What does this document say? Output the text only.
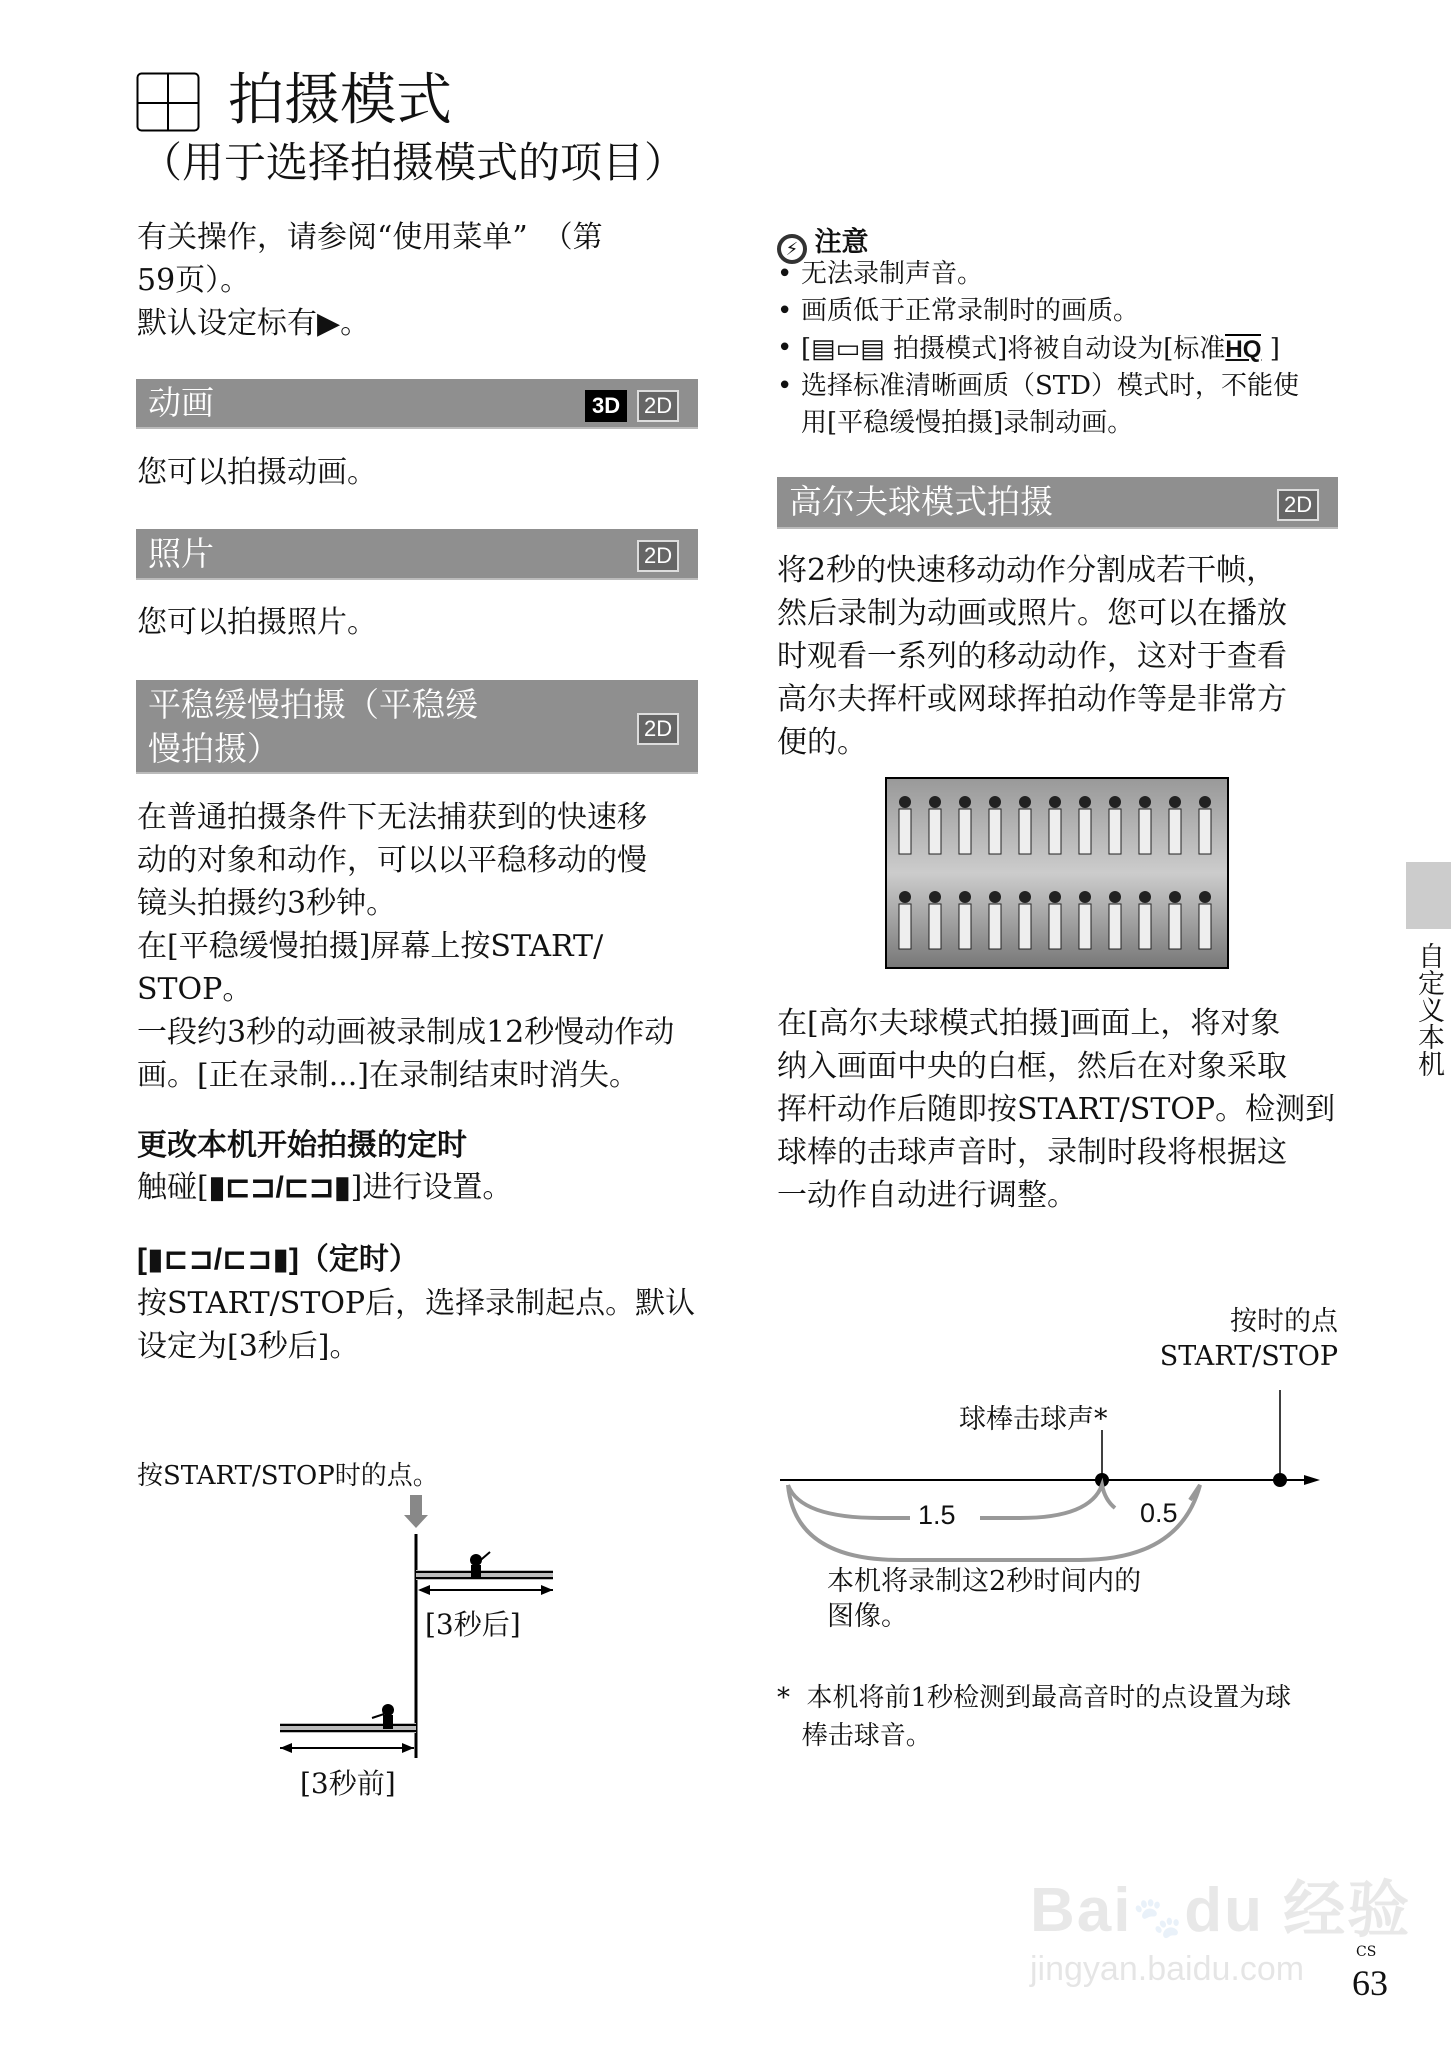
拍摄模式
（用于选择拍摄模式的项目）
有关操作，请参阅“使用菜单”　（第
59页）。
默认设定标有▶。
动画	3D	2D
您可以拍摄动画。
照片	2D
您可以拍摄照片。
平稳缓慢拍摄（平稳缓
慢拍摄）
2D
在普通拍摄条件下无法捕获到的快速移
动的对象和动作，可以以平稳移动的慢
镜头拍摄约3秒钟。
在[平稳缓慢拍摄]屏幕上按START/
STOP。
一段约3秒的动画被录制成12秒慢动作动
画。[正在录制...]在录制结束时消失。
更改本机开始拍摄的定时
触碰[▮⊏⊐/⊏⊐▮]进行设置。
[▮⊏⊐/⊏⊐▮]（定时）
按START/STOP后，选择录制起点。默认
设定为[3秒后]。
按START/STOP时的点。
[3秒后]
[3秒前]
⚡ 注意
• 无法录制声音。
• 画质低于正常录制时的画质。
• [▤▭▤ 拍摄模式]将被自动设为[标准HQ ]
• 选择标准清晰画质（STD）模式时，不能使
用[平稳缓慢拍摄]录制动画。
高尔夫球模式拍摄	2D
将2秒的快速移动动作分割成若干帧，
然后录制为动画或照片。您可以在播放
时观看一系列的移动动作，这对于查看
高尔夫挥杆或网球挥拍动作等是非常方
便的。
在[高尔夫球模式拍摄]画面上，将对象
纳入画面中央的白框，然后在对象采取
挥杆动作后随即按START/STOP。检测到
球棒的击球声音时，录制时段将根据这
一动作自动进行调整。
按时的点
START/STOP
球棒击球声*
1.5	0.5
本机将录制这2秒时间内的
图像。
*  本机将前1秒检测到最高音时的点设置为球
棒击球音。
自定义本机
Bai🐾du 经验
jingyan.baidu.com	CS
63
